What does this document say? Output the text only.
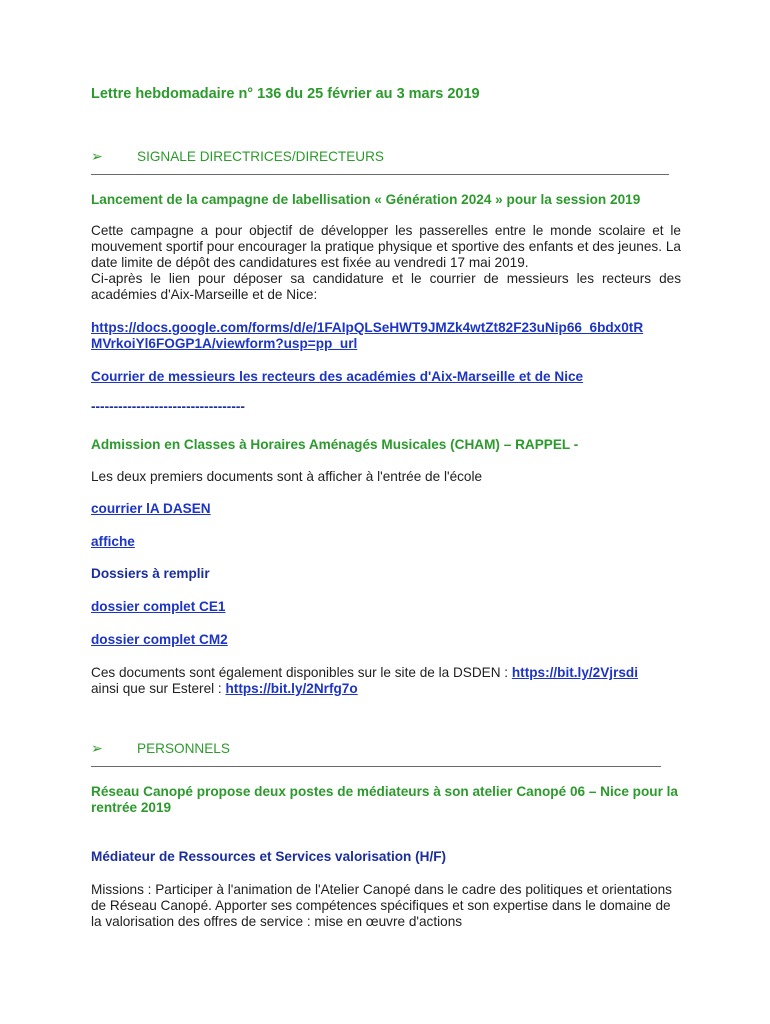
Lettre hebdomadaire n° 136 du 25 février au 3 mars 2019

➢	SIGNALE DIRECTRICES/DIRECTEURS

Lancement de la campagne de labellisation « Génération 2024 » pour la session 2019

Cette campagne a pour objectif de développer les passerelles entre le monde scolaire et le mouvement sportif pour encourager la pratique physique et sportive des enfants et des jeunes. La date limite de dépôt des candidatures est fixée au vendredi 17 mai 2019.

Ci-après le lien pour déposer sa candidature et le courrier de messieurs les recteurs des académies d'Aix-Marseille et de Nice:

https://docs.google.com/forms/d/e/1FAIpQLSeHWT9JMZk4wtZt82F23uNip66_6bdx0tR
MVrkoiYl6FOGP1A/viewform?usp=pp_url

Courrier de messieurs les recteurs des académies d'Aix-Marseille et de Nice

----------------------------------

Admission en Classes à Horaires Aménagés Musicales (CHAM) – RAPPEL -

Les deux premiers documents sont à afficher à l'entrée de l'école

courrier lA DASEN

affiche

Dossiers à remplir

dossier complet CE1

dossier complet CM2

Ces documents sont également disponibles sur le site de la DSDEN : https://bit.ly/2Vjrsdi
ainsi que sur Esterel : https://bit.ly/2Nrfg7o

➢	PERSONNELS

Réseau Canopé propose deux postes de médiateurs à son atelier Canopé 06 – Nice pour la rentrée 2019

Médiateur de Ressources et Services valorisation (H/F)

Missions : Participer à l'animation de l'Atelier Canopé dans le cadre des politiques et orientations de Réseau Canopé. Apporter ses compétences spécifiques et son expertise dans le domaine de la valorisation des offres de service : mise en œuvre d'actions
